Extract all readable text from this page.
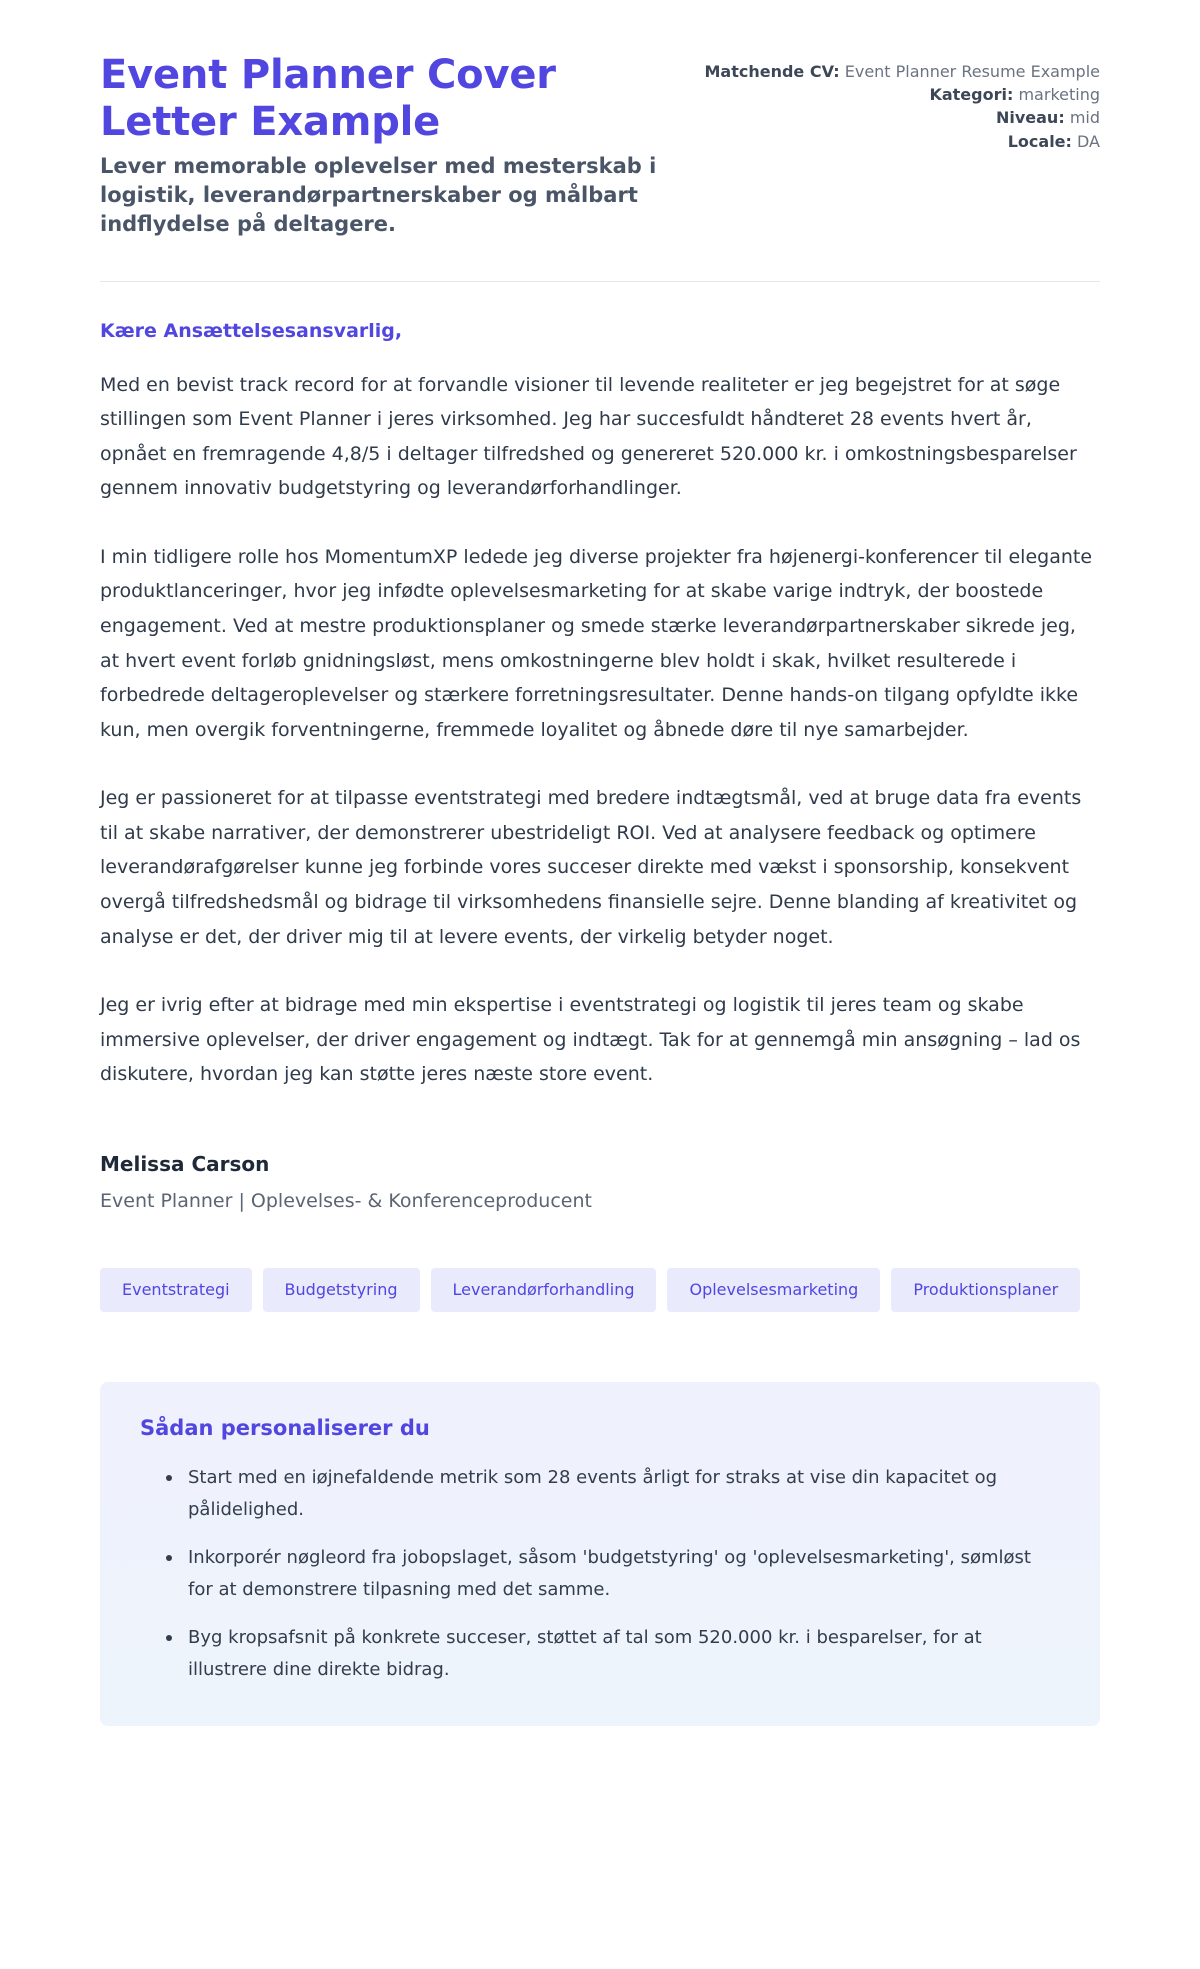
Event Planner Cover Letter Example

Lever memorable oplevelser med mesterskab i logistik, leverandørpartnerskaber og målbart indflydelse på deltagere.

Matchende CV: Event Planner Resume Example
Kategori: marketing
Niveau: mid
Locale: DA

Kære Ansættelsesansvarlig,

Med en bevist track record for at forvandle visioner til levende realiteter er jeg begejstret for at søge stillingen som Event Planner i jeres virksomhed. Jeg har succesfuldt håndteret 28 events hvert år, opnået en fremragende 4,8/5 i deltager tilfredshed og genereret 520.000 kr. i omkostningsbesparelser gennem innovativ budgetstyring og leverandørforhandlinger.

I min tidligere rolle hos MomentumXP ledede jeg diverse projekter fra højenergi-konferencer til elegante produktlanceringer, hvor jeg infødte oplevelsesmarketing for at skabe varige indtryk, der boostede engagement. Ved at mestre produktionsplaner og smede stærke leverandørpartnerskaber sikrede jeg, at hvert event forløb gnidningsløst, mens omkostningerne blev holdt i skak, hvilket resulterede i forbedrede deltageroplevelser og stærkere forretningsresultater. Denne hands-on tilgang opfyldte ikke kun, men overgik forventningerne, fremmede loyalitet og åbnede døre til nye samarbejder.

Jeg er passioneret for at tilpasse eventstrategi med bredere indtægtsmål, ved at bruge data fra events til at skabe narrativer, der demonstrerer ubestrideligt ROI. Ved at analysere feedback og optimere leverandørafgørelser kunne jeg forbinde vores succeser direkte med vækst i sponsorship, konsekvent overgå tilfredshedsmål og bidrage til virksomhedens finansielle sejre. Denne blanding af kreativitet og analyse er det, der driver mig til at levere events, der virkelig betyder noget.

Jeg er ivrig efter at bidrage med min ekspertise i eventstrategi og logistik til jeres team og skabe immersive oplevelser, der driver engagement og indtægt. Tak for at gennemgå min ansøgning – lad os diskutere, hvordan jeg kan støtte jeres næste store event.

Melissa Carson

Event Planner | Oplevelses- & Konferenceproducent

Eventstrategi	Budgetstyring	Leverandørforhandling	Oplevelsesmarketing	Produktionsplaner
Sådan personaliserer du
Start med en iøjnefaldende metrik som 28 events årligt for straks at vise din kapacitet og pålidelighed.
Inkorporér nøgleord fra jobopslaget, såsom 'budgetstyring' og 'oplevelsesmarketing', sømløst for at demonstrere tilpasning med det samme.
Byg kropsafsnit på konkrete succeser, støttet af tal som 520.000 kr. i besparelser, for at illustrere dine direkte bidrag.
